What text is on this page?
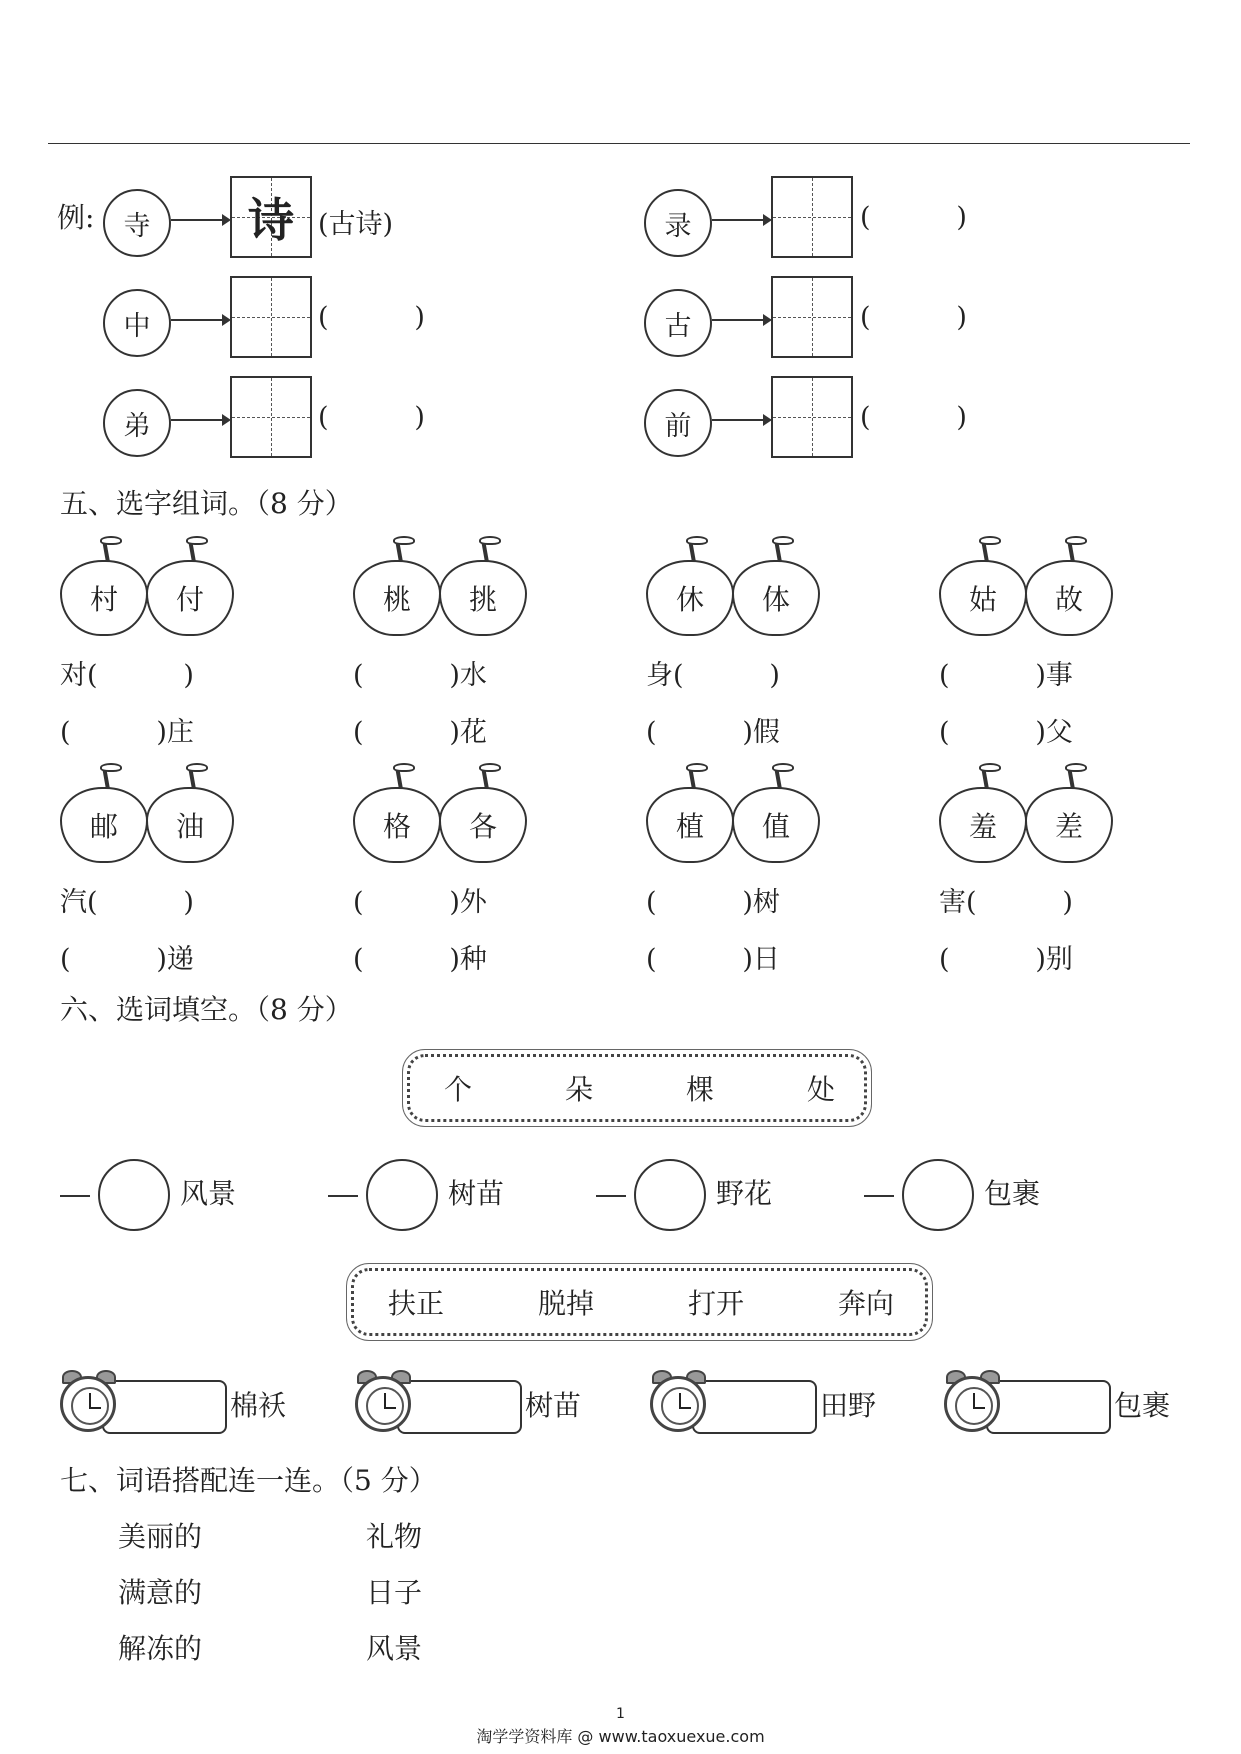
例:	寺	诗 (古诗)	录	(          )
中	(          )	古	(          )
弟	(          )	前	(          )
五、选字组词。（8 分）
村	付
对(          )
(          )庄
桃	挑
(          )水
(          )花
休	体
身(          )
(          )假
姑	故
(          )事
(          )父
邮	油
汽(          )
(          )递
格	各
(          )外
(          )种
植	值
(          )树
(          )日
羞	差
害(          )
(          )别
六、选词填空。（8 分）
个	朵	棵	处
风景	树苗	野花	包裹
扶正	脱掉	打开	奔向
棉袄	树苗	田野	包裹
七、词语搭配连一连。（5 分）
美丽的
满意的
解冻的
礼物
日子
风景
1
淘学学资料库 @ www.taoxuexue.com
